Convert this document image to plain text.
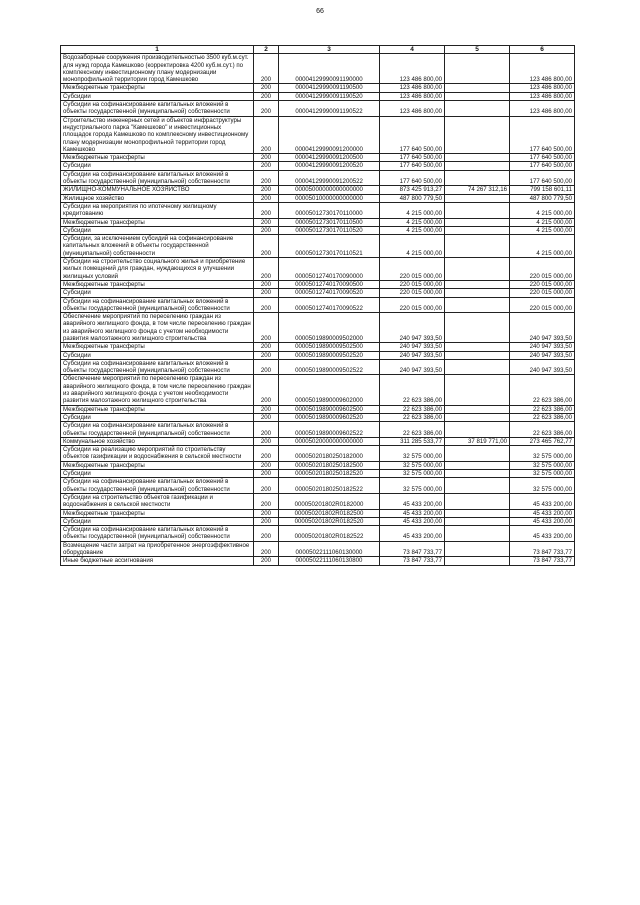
66
1	2	3	4	5	6
Водозаборные сооружения производительностью 3500 куб.м.сут. для нужд города Камешково (корректировка 4200 куб.м.сут.) по комплексному инвестиционному плану модернизации монопрофильной территории город Камешково	200	00004129990091190000	123 486 800,00		123 486 800,00
Межбюджетные трансферты	200	00004129990091190500	123 486 800,00		123 486 800,00
Субсидии	200	00004129990091190520	123 486 800,00		123 486 800,00
Субсидии на софинансирование капитальных вложений в объекты государственной (муниципальной) собственности	200	00004129990091190522	123 486 800,00		123 486 800,00
Строительство инженерных сетей и объектов инфраструктуры индустриального парка "Камешково" и инвестиционных площадок города Камешково по комплексному инвестиционному плану модернизации монопрофильной территории город Камешково	200	00004129990091200000	177 640 500,00		177 640 500,00
Межбюджетные трансферты	200	00004129990091200500	177 640 500,00		177 640 500,00
Субсидии	200	00004129990091200520	177 640 500,00		177 640 500,00
Субсидии на софинансирование капитальных вложений в объекты государственной (муниципальной) собственности	200	00004129990091200522	177 640 500,00		177 640 500,00
ЖИЛИЩНО-КОММУНАЛЬНОЕ ХОЗЯЙСТВО	200	00005000000000000000	873 425 913,27	74 267 312,16	799 158 601,11
Жилищное хозяйство	200	00005010000000000000	487 800 779,50		487 800 779,50
Субсидии на мероприятия по ипотечному жилищному кредитованию	200	00005012730170110000	4 215 000,00		4 215 000,00
Межбюджетные трансферты	200	00005012730170110500	4 215 000,00		4 215 000,00
Субсидии	200	00005012730170110520	4 215 000,00		4 215 000,00
Субсидии, за исключением субсидий на софинансирование капитальных вложений в объекты государственной (муниципальной) собственности	200	00005012730170110521	4 215 000,00		4 215 000,00
Субсидии на строительство социального жилья и приобретение жилых помещений для граждан, нуждающихся в улучшении жилищных условий	200	00005012740170090000	220 015 000,00		220 015 000,00
Межбюджетные трансферты	200	00005012740170090500	220 015 000,00		220 015 000,00
Субсидии	200	00005012740170090520	220 015 000,00		220 015 000,00
Субсидии на софинансирование капитальных вложений в объекты государственной (муниципальной) собственности	200	00005012740170090522	220 015 000,00		220 015 000,00
Обеспечение мероприятий по переселению граждан из аварийного жилищного фонда, в том числе переселению граждан из аварийного жилищного фонда с учетом необходимости развития малоэтажного жилищного строительства	200	00005019890009502000	240 947 393,50		240 947 393,50
Межбюджетные трансферты	200	00005019890009502500	240 947 393,50		240 947 393,50
Субсидии	200	00005019890009502520	240 947 393,50		240 947 393,50
Субсидии на софинансирование капитальных вложений в объекты государственной (муниципальной) собственности	200	00005019890009502522	240 947 393,50		240 947 393,50
Обеспечение мероприятий по переселению граждан из аварийного жилищного фонда, в том числе переселению граждан из аварийного жилищного фонда с учетом необходимости развития малоэтажного жилищного строительства	200	00005019890009602000	22 623 386,00		22 623 386,00
Межбюджетные трансферты	200	00005019890009602500	22 623 386,00		22 623 386,00
Субсидии	200	00005019890009602520	22 623 386,00		22 623 386,00
Субсидии на софинансирование капитальных вложений в объекты государственной (муниципальной) собственности	200	00005019890009602522	22 623 386,00		22 623 386,00
Коммунальное хозяйство	200	00005020000000000000	311 285 533,77	37 819 771,00	273 465 762,77
Субсидии на реализацию мероприятий по строительству объектов газификации и водоснабжения в сельской местности	200	00005020180250182000	32 575 000,00		32 575 000,00
Межбюджетные трансферты	200	00005020180250182500	32 575 000,00		32 575 000,00
Субсидии	200	00005020180250182520	32 575 000,00		32 575 000,00
Субсидии на софинансирование капитальных вложений в объекты государственной (муниципальной) собственности	200	00005020180250182522	32 575 000,00		32 575 000,00
Субсидии на строительство объектов газификации и водоснабжения в сельской местности	200	000050201802R0182000	45 433 200,00		45 433 200,00
Межбюджетные трансферты	200	000050201802R0182500	45 433 200,00		45 433 200,00
Субсидии	200	000050201802R0182520	45 433 200,00		45 433 200,00
Субсидии на софинансирование капитальных вложений в объекты государственной (муниципальной) собственности	200	000050201802R0182522	45 433 200,00		45 433 200,00
Возмещение части затрат на приобретенное энергоэффективное оборудование	200	00005022111060130000	73 847 733,77		73 847 733,77
Иные бюджетные ассигнования	200	00005022111060130800	73 847 733,77		73 847 733,77
